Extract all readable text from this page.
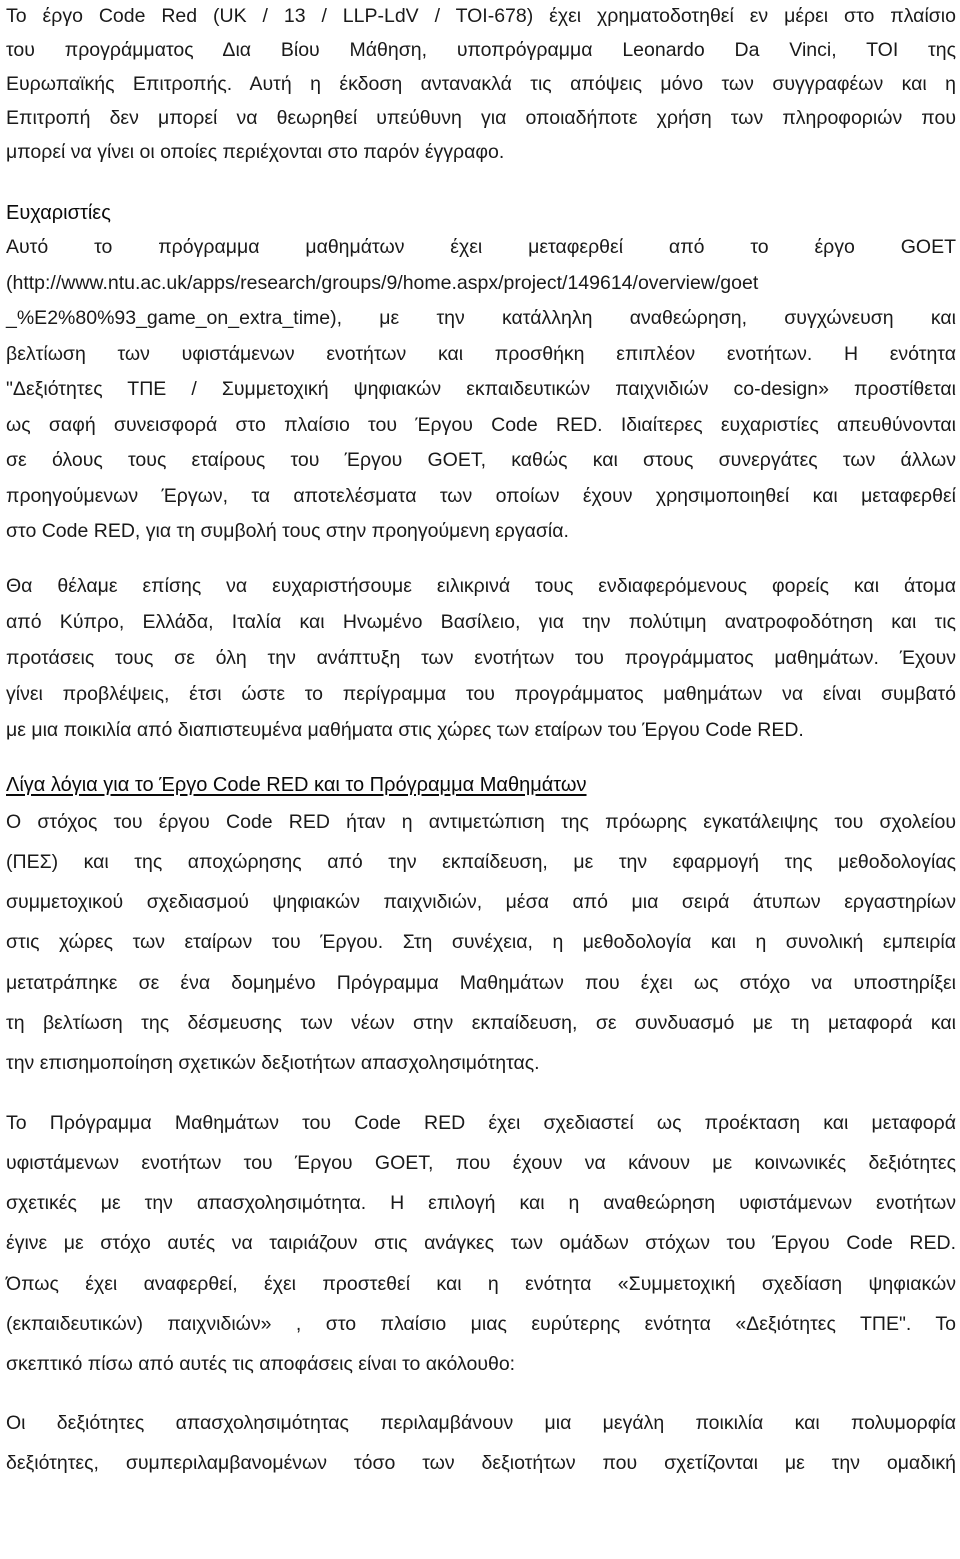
Το έργο Code Red (UK / 13 / LLP-LdV / TOI-678) έχει χρηματοδοτηθεί εν μέρει στο πλαίσιο
του προγράμματος Δια Βίου Μάθηση, υποπρόγραμμα Leonardo Da Vinci, TOI της
Ευρωπαϊκής Επιτροπής. Αυτή η έκδοση αντανακλά τις απόψεις μόνο των συγγραφέων και η
Επιτροπή δεν μπορεί να θεωρηθεί υπεύθυνη για οποιαδήποτε χρήση των πληροφοριών που
μπορεί να γίνει οι οποίες περιέχονται στο παρόν έγγραφο.
Ευχαριστίες
Αυτό το πρόγραμμα μαθημάτων έχει μεταφερθεί από το έργο GOET
(http://www.ntu.ac.uk/apps/research/groups/9/home.aspx/project/149614/overview/goet
_%E2%80%93_game_on_extra_time), με την κατάλληλη αναθεώρηση, συγχώνευση και
βελτίωση των υφιστάμενων ενοτήτων και προσθήκη επιπλέον ενοτήτων. Η ενότητα
"Δεξιότητες ΤΠΕ / Συμμετοχική ψηφιακών εκπαιδευτικών παιχνιδιών co-design» προστίθεται
ως σαφή συνεισφορά στο πλαίσιο του Έργου Code RED. Ιδιαίτερες ευχαριστίες απευθύνονται
σε όλους τους εταίρους του Έργου GOET, καθώς και στους συνεργάτες των άλλων
προηγούμενων Έργων, τα αποτελέσματα των οποίων έχουν χρησιμοποιηθεί και μεταφερθεί
στο Code RED, για τη συμβολή τους στην προηγούμενη εργασία.
Θα θέλαμε επίσης να ευχαριστήσουμε ειλικρινά τους ενδιαφερόμενους φορείς και άτομα
από Κύπρο, Ελλάδα, Ιταλία και Ηνωμένο Βασίλειο, για την πολύτιμη ανατροφοδότηση και τις
προτάσεις τους σε όλη την ανάπτυξη των ενοτήτων του προγράμματος μαθημάτων. Έχουν
γίνει προβλέψεις, έτσι ώστε το περίγραμμα του προγράμματος μαθημάτων να είναι συμβατό
με μια ποικιλία από διαπιστευμένα μαθήματα στις χώρες των εταίρων του Έργου Code RED.
Λίγα λόγια για το Έργο Code RED και το Πρόγραμμα Μαθημάτων
Ο στόχος του έργου Code RED ήταν η αντιμετώπιση της πρόωρης εγκατάλειψης του σχολείου
(ΠΕΣ) και της αποχώρησης από την εκπαίδευση, με την εφαρμογή της μεθοδολογίας
συμμετοχικού σχεδιασμού ψηφιακών παιχνιδιών, μέσα από μια σειρά άτυπων εργαστηρίων
στις χώρες των εταίρων του Έργου. Στη συνέχεια, η μεθοδολογία και η συνολική εμπειρία
μετατράπηκε σε ένα δομημένο Πρόγραμμα Μαθημάτων που έχει ως στόχο να υποστηρίξει
τη βελτίωση της δέσμευσης των νέων στην εκπαίδευση, σε συνδυασμό με τη μεταφορά και
την επισημοποίηση σχετικών δεξιοτήτων απασχολησιμότητας.
Το Πρόγραμμα Μαθημάτων του Code RED έχει σχεδιαστεί ως προέκταση και μεταφορά
υφιστάμενων ενοτήτων του Έργου GOET, που έχουν να κάνουν με κοινωνικές δεξιότητες
σχετικές με την απασχολησιμότητα. Η επιλογή και η αναθεώρηση υφιστάμενων ενοτήτων
έγινε με στόχο αυτές να ταιριάζουν στις ανάγκες των ομάδων στόχων του Έργου Code RED.
Όπως έχει αναφερθεί, έχει προστεθεί και η ενότητα «Συμμετοχική σχεδίαση ψηφιακών
(εκπαιδευτικών) παιχνιδιών» , στο πλαίσιο μιας ευρύτερης ενότητα «Δεξιότητες ΤΠΕ". Το
σκεπτικό πίσω από αυτές τις αποφάσεις είναι το ακόλουθο:
Οι δεξιότητες απασχολησιμότητας περιλαμβάνουν μια μεγάλη ποικιλία και πολυμορφία
δεξιότητες, συμπεριλαμβανομένων τόσο των δεξιοτήτων που σχετίζονται με την ομαδική
